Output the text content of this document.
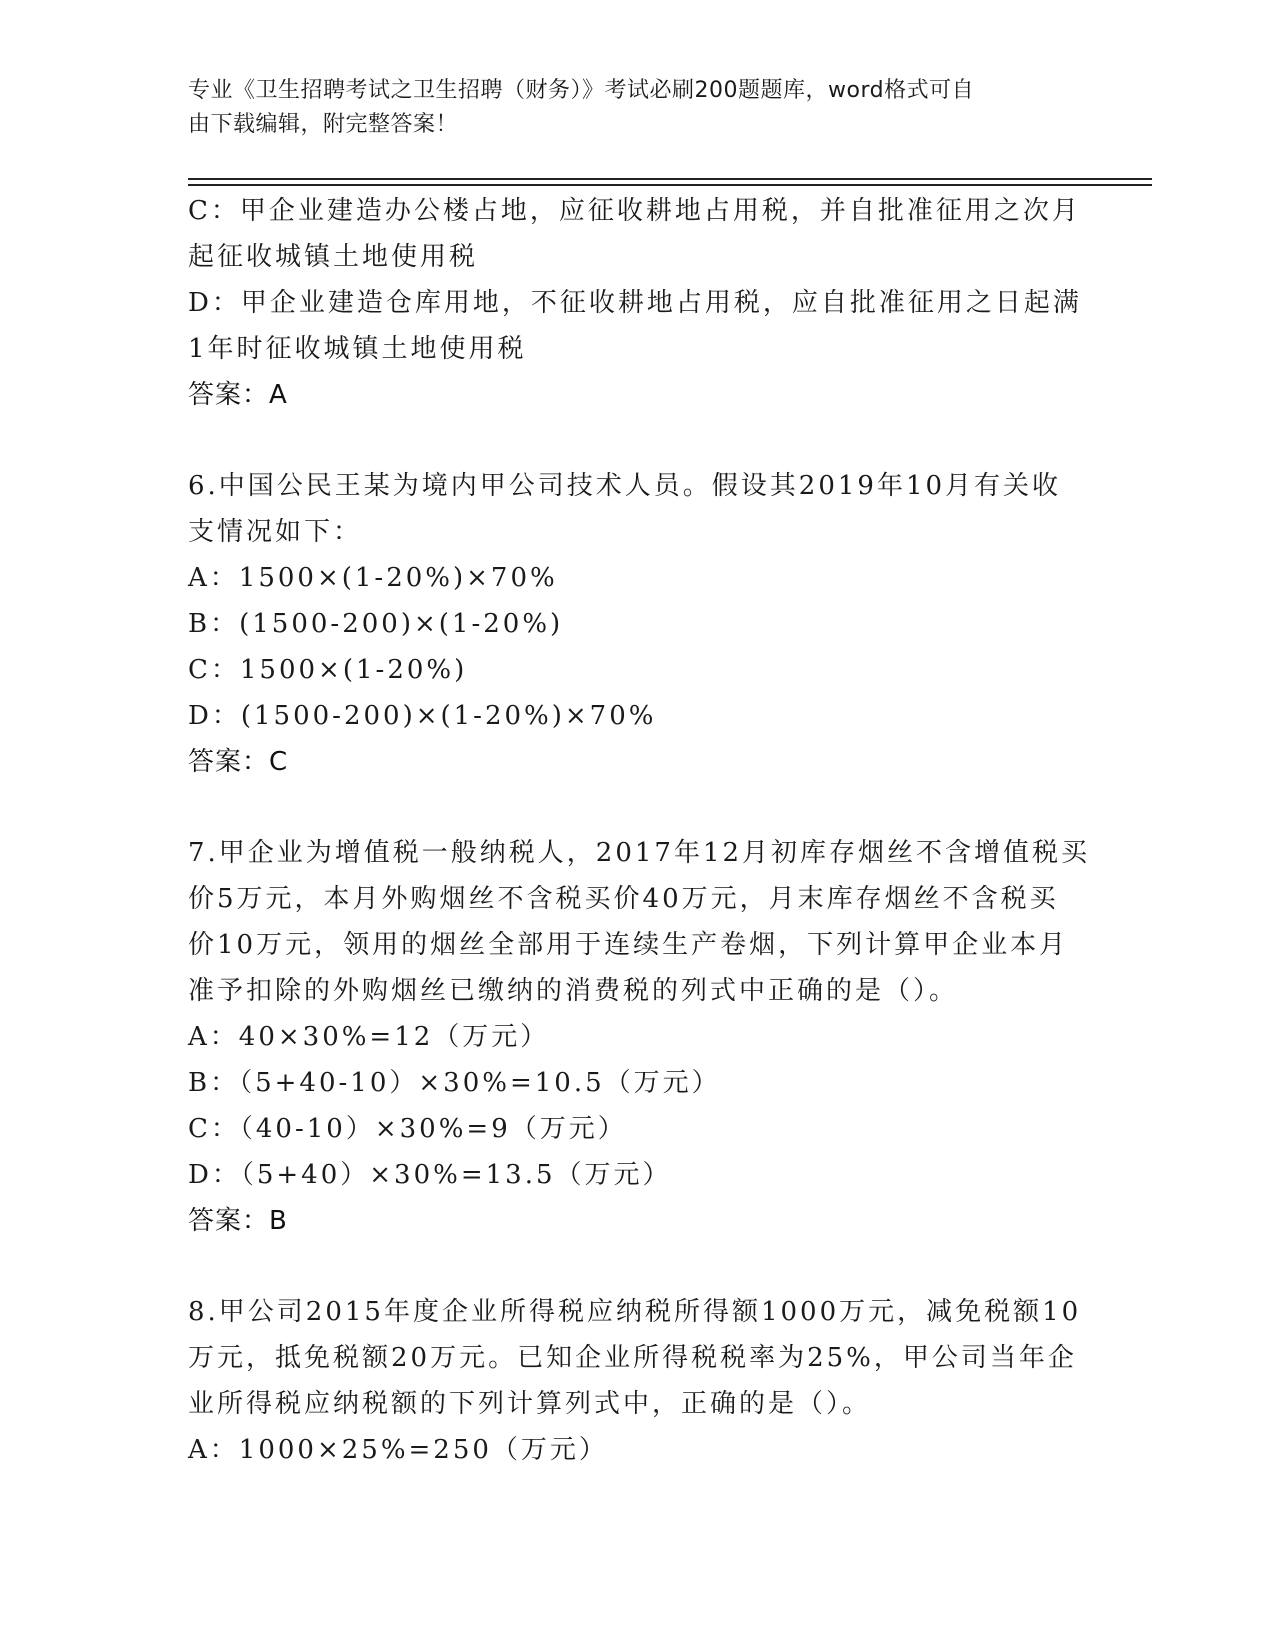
专业《卫生招聘考试之卫生招聘（财务）》考试必刷200题题库，word格式可自
由下载编辑，附完整答案！
C：甲企业建造办公楼占地，应征收耕地占用税，并自批准征用之次月
起征收城镇土地使用税
D：甲企业建造仓库用地，不征收耕地占用税，应自批准征用之日起满
1年时征收城镇土地使用税
答案：A
6.中国公民王某为境内甲公司技术人员。假设其2019年10月有关收
支情况如下：
A：1500×(1-20%)×70%
B：(1500-200)×(1-20%)
C：1500×(1-20%)
D：(1500-200)×(1-20%)×70%
答案：C
7.甲企业为增值税一般纳税人，2017年12月初库存烟丝不含增值税买
价5万元，本月外购烟丝不含税买价40万元，月末库存烟丝不含税买
价10万元，领用的烟丝全部用于连续生产卷烟，下列计算甲企业本月
准予扣除的外购烟丝已缴纳的消费税的列式中正确的是（）。
A：40×30%=12（万元）
B：（5+40-10）×30%=10.5（万元）
C：（40-10）×30%=9（万元）
D：（5+40）×30%=13.5（万元）
答案：B
8.甲公司2015年度企业所得税应纳税所得额1000万元，减免税额10
万元，抵免税额20万元。已知企业所得税税率为25%，甲公司当年企
业所得税应纳税额的下列计算列式中，正确的是（）。
A：1000×25%=250（万元）
